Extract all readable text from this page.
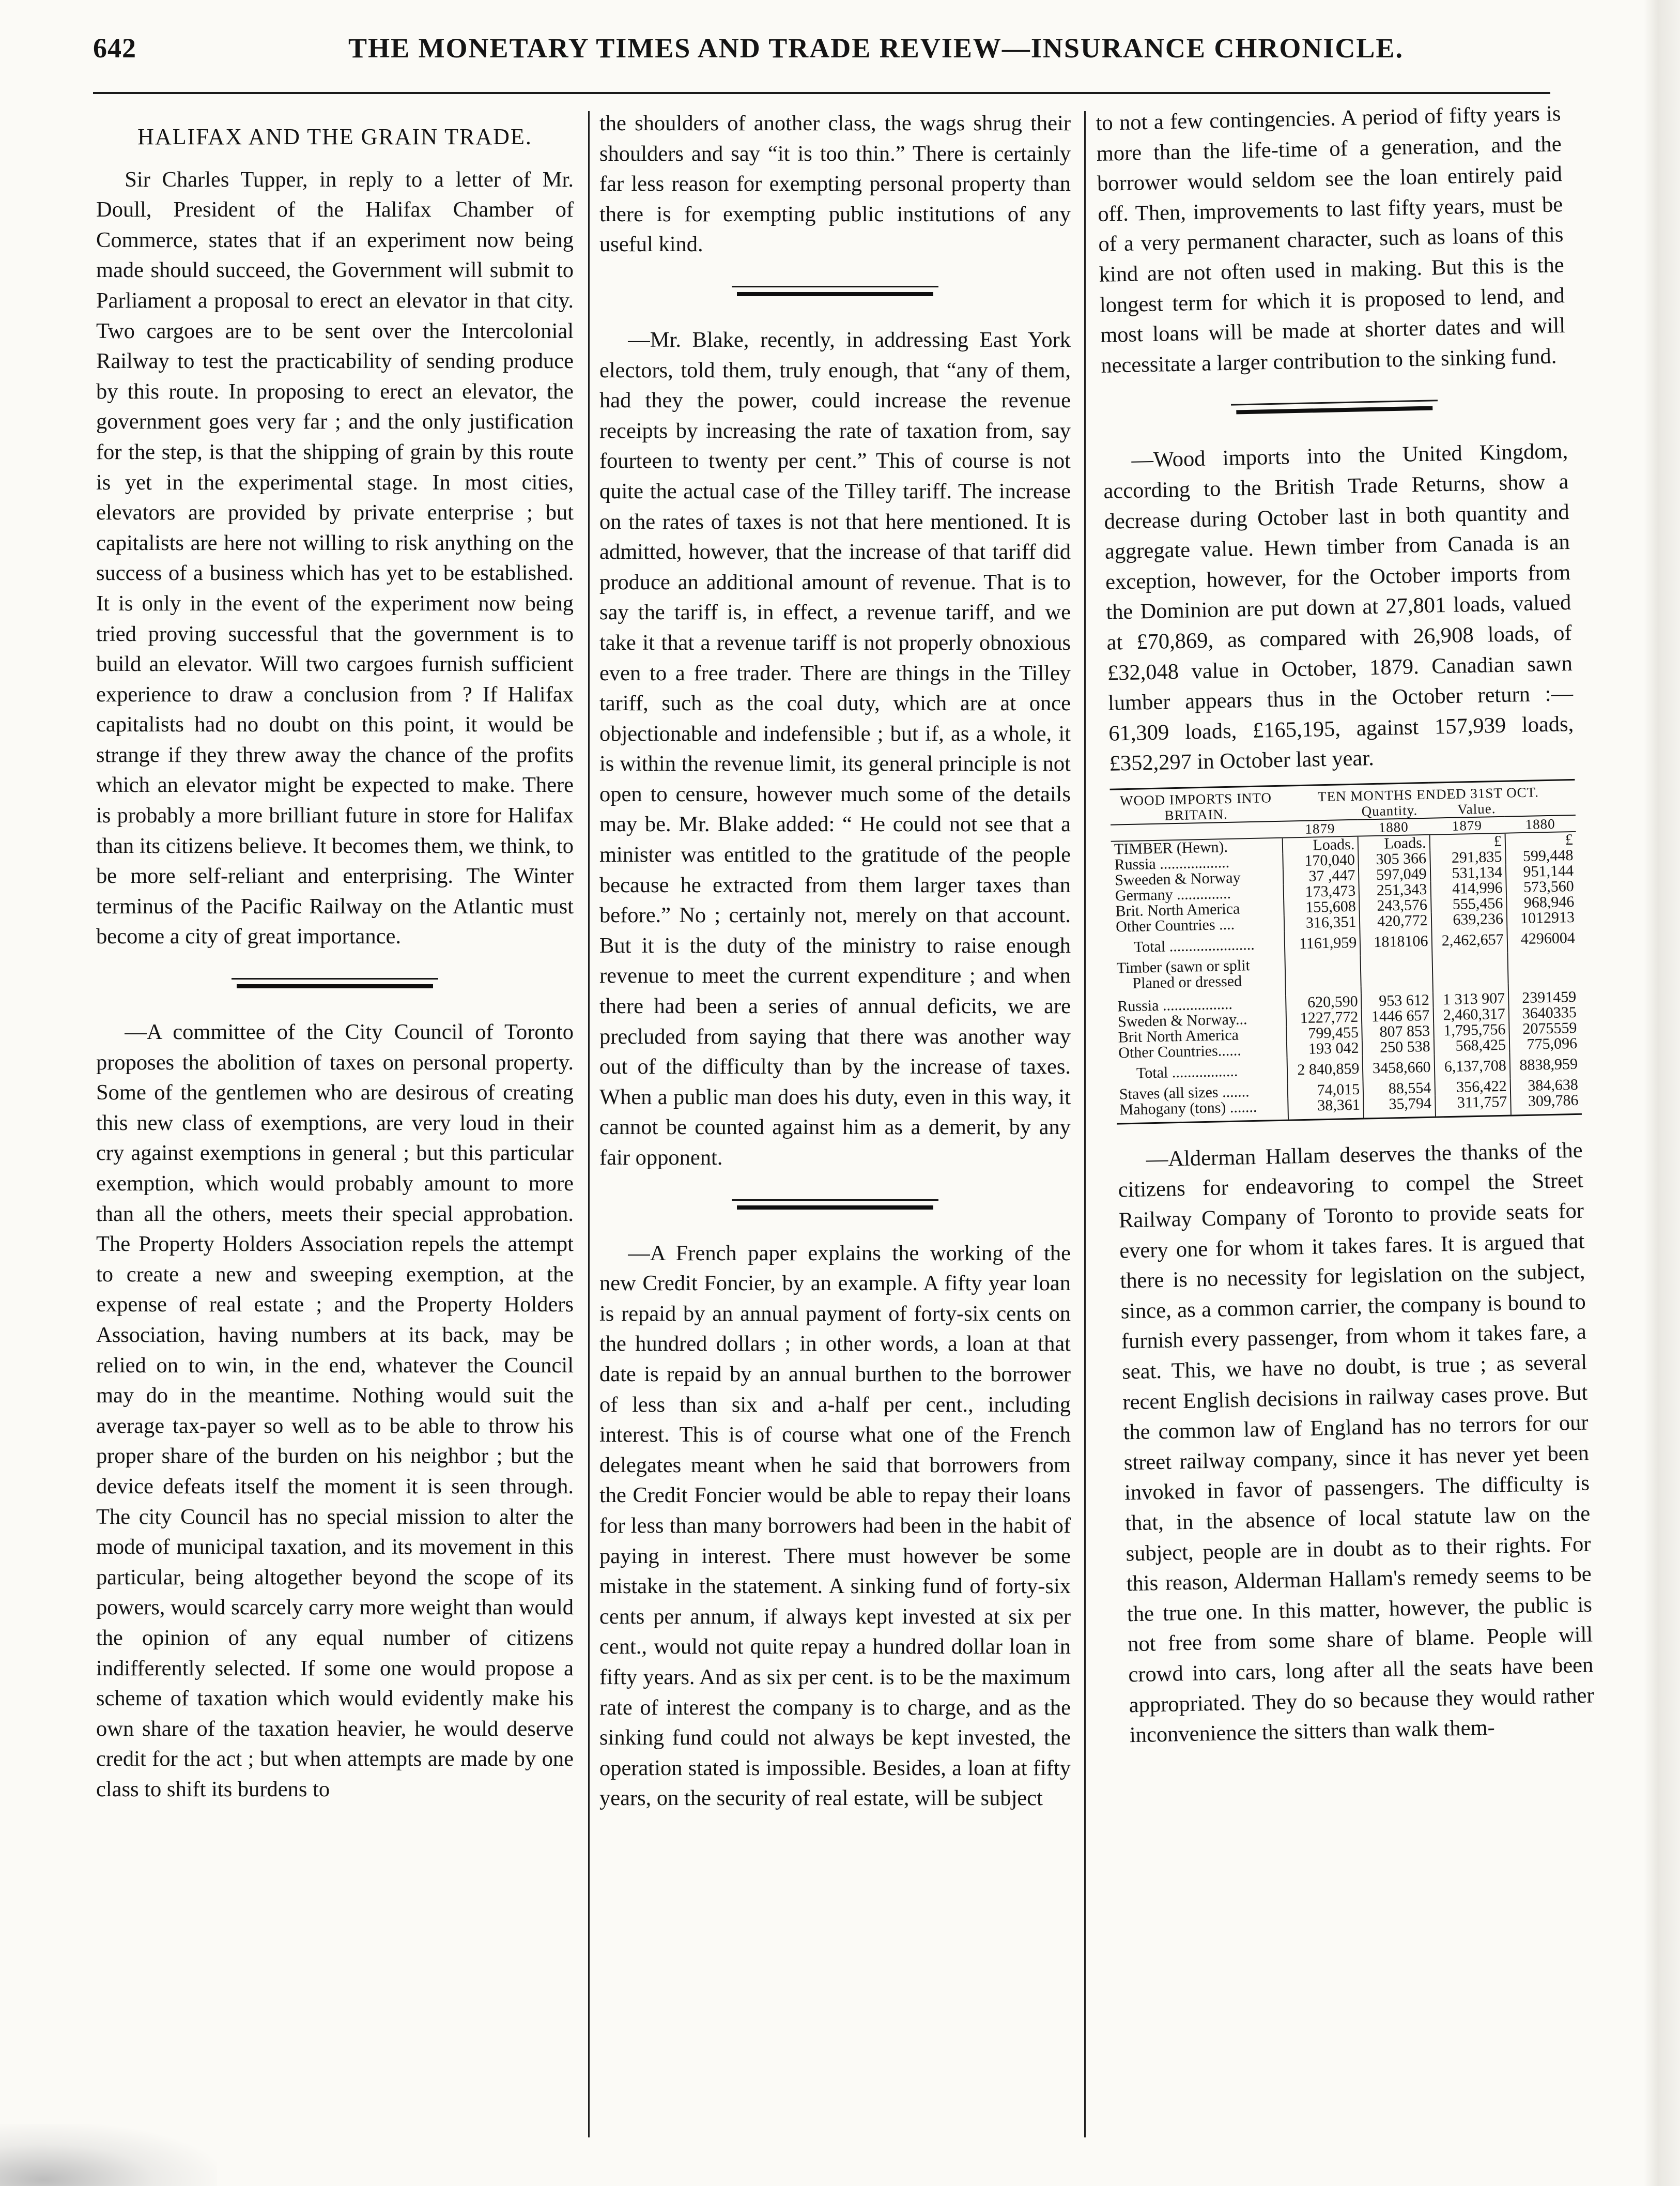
642	THE MONETARY TIMES AND TRADE REVIEW—INSURANCE CHRONICLE.
HALIFAX AND THE GRAIN TRADE.

Sir Charles Tupper, in reply to a letter of Mr. Doull, President of the Halifax Chamber of Commerce, states that if an experiment now being made should succeed, the Government will submit to Parliament a proposal to erect an elevator in that city. Two cargoes are to be sent over the Intercolonial Railway to test the practicability of sending produce by this route. In proposing to erect an elevator, the government goes very far ; and the only justification for the step, is that the shipping of grain by this route is yet in the experimental stage. In most cities, elevators are provided by private enterprise ; but capitalists are here not willing to risk anything on the success of a business which has yet to be established. It is only in the event of the experiment now being tried proving successful that the government is to build an elevator. Will two cargoes furnish sufficient experience to draw a conclusion from ? If Halifax capitalists had no doubt on this point, it would be strange if they threw away the chance of the profits which an elevator might be expected to make. There is probably a more brilliant future in store for Halifax than its citizens believe. It becomes them, we think, to be more self-reliant and enterprising. The Winter terminus of the Pacific Railway on the Atlantic must become a city of great importance.

—A committee of the City Council of Toronto proposes the abolition of taxes on personal property. Some of the gentlemen who are desirous of creating this new class of exemptions, are very loud in their cry against exemptions in general ; but this particular exemption, which would probably amount to more than all the others, meets their special approbation. The Property Holders Association repels the attempt to create a new and sweeping exemption, at the expense of real estate ; and the Property Holders Association, having numbers at its back, may be relied on to win, in the end, whatever the Council may do in the meantime. Nothing would suit the average tax-payer so well as to be able to throw his proper share of the burden on his neighbor ; but the device defeats itself the moment it is seen through. The city Council has no special mission to alter the mode of municipal taxation, and its movement in this particular, being altogether beyond the scope of its powers, would scarcely carry more weight than would the opinion of any equal number of citizens indifferently selected. If some one would propose a scheme of taxation which would evidently make his own share of the taxation heavier, he would deserve credit for the act ; but when attempts are made by one class to shift its burdens to

the shoulders of another class, the wags shrug their shoulders and say “it is too thin.” There is certainly far less reason for exempting personal property than there is for exempting public institutions of any useful kind.

—Mr. Blake, recently, in addressing East York electors, told them, truly enough, that “any of them, had they the power, could increase the revenue receipts by increasing the rate of taxation from, say fourteen to twenty per cent.” This of course is not quite the actual case of the Tilley tariff. The increase on the rates of taxes is not that here mentioned. It is admitted, however, that the increase of that tariff did produce an additional amount of revenue. That is to say the tariff is, in effect, a revenue tariff, and we take it that a revenue tariff is not properly obnoxious even to a free trader. There are things in the Tilley tariff, such as the coal duty, which are at once objectionable and indefensible ; but if, as a whole, it is within the revenue limit, its general principle is not open to censure, however much some of the details may be. Mr. Blake added: “ He could not see that a minister was entitled to the gratitude of the people because he extracted from them larger taxes than before.” No ; certainly not, merely on that account. But it is the duty of the ministry to raise enough revenue to meet the current expenditure ; and when there had been a series of annual deficits, we are precluded from saying that there was another way out of the difficulty than by the increase of taxes. When a public man does his duty, even in this way, it cannot be counted against him as a demerit, by any fair opponent.

—A French paper explains the working of the new Credit Foncier, by an example. A fifty year loan is repaid by an annual payment of forty-six cents on the hundred dollars ; in other words, a loan at that date is repaid by an annual burthen to the borrower of less than six and a-half per cent., including interest. This is of course what one of the French delegates meant when he said that borrowers from the Credit Foncier would be able to repay their loans for less than many borrowers had been in the habit of paying in interest. There must however be some mistake in the statement. A sinking fund of forty-six cents per annum, if always kept invested at six per cent., would not quite repay a hundred dollar loan in fifty years. And as six per cent. is to be the maximum rate of interest the company is to charge, and as the sinking fund could not always be kept invested, the operation stated is impossible. Besides, a loan at fifty years, on the security of real estate, will be subject

to not a few contingencies. A period of fifty years is more than the life-time of a generation, and the borrower would seldom see the loan entirely paid off. Then, improvements to last fifty years, must be of a very permanent character, such as loans of this kind are not often used in making. But this is the longest term for which it is proposed to lend, and most loans will be made at shorter dates and will necessitate a larger contribution to the sinking fund.

—Wood imports into the United Kingdom, according to the British Trade Returns, show a decrease during October last in both quantity and aggregate value. Hewn timber from Canada is an exception, however, for the October imports from the Dominion are put down at 27,801 loads, valued at £70,869, as compared with 26,908 loads, of £32,048 value in October, 1879. Canadian sawn lumber appears thus in the October return :— 61,309 loads, £165,195, against 157,939 loads, £352,297 in October last year.

WOOD IMPORTS INTO BRITAIN.	TEN MONTHS ENDED 31ST OCT.
Quantity. Value.			
	1879	1880	1879	1880
TIMBER (Hewn).	Loads.	Loads.	£	£
Russia ..................	170,040	305 366	291,835	599,448
Sweeden & Norway	37 ,447	597,049	531,134	951,144
Germany ..............	173,473	251,343	414,996	573,560
Brit. North America	155,608	243,576	555,456	968,946
Other Countries ....	316,351	420,772	639,236	1012913
Total ......................	1161,959	1818106	2,462,657	4296004
Timber (sawn or split
Planed or dressed				

Russia ..................	620,590	953 612	1 313 907	2391459
Sweden & Norway...	1227,772	1446 657	2,460,317	3640335
Brit North America	799,455	807 853	1,795,756	2075559
Other Countries......	193 042	250 538	568,425	775,096
Total .................	2 840,859	3458,660	6,137,708	8838,959
Staves (all sizes .......	74,015	88,554	356,422	384,638
Mahogany (tons) .......	38,361	35,794	311,757	309,786

—Alderman Hallam deserves the thanks of the citizens for endeavoring to compel the Street Railway Company of Toronto to provide seats for every one for whom it takes fares. It is argued that there is no necessity for legislation on the subject, since, as a common carrier, the company is bound to furnish every passenger, from whom it takes fare, a seat. This, we have no doubt, is true ; as several recent English decisions in railway cases prove. But the common law of England has no terrors for our street railway company, since it has never yet been invoked in favor of passengers. The difficulty is that, in the absence of local statute law on the subject, people are in doubt as to their rights. For this reason, Alderman Hallam's remedy seems to be the true one. In this matter, however, the public is not free from some share of blame. People will crowd into cars, long after all the seats have been appropriated. They do so because they would rather inconvenience the sitters than walk them-
